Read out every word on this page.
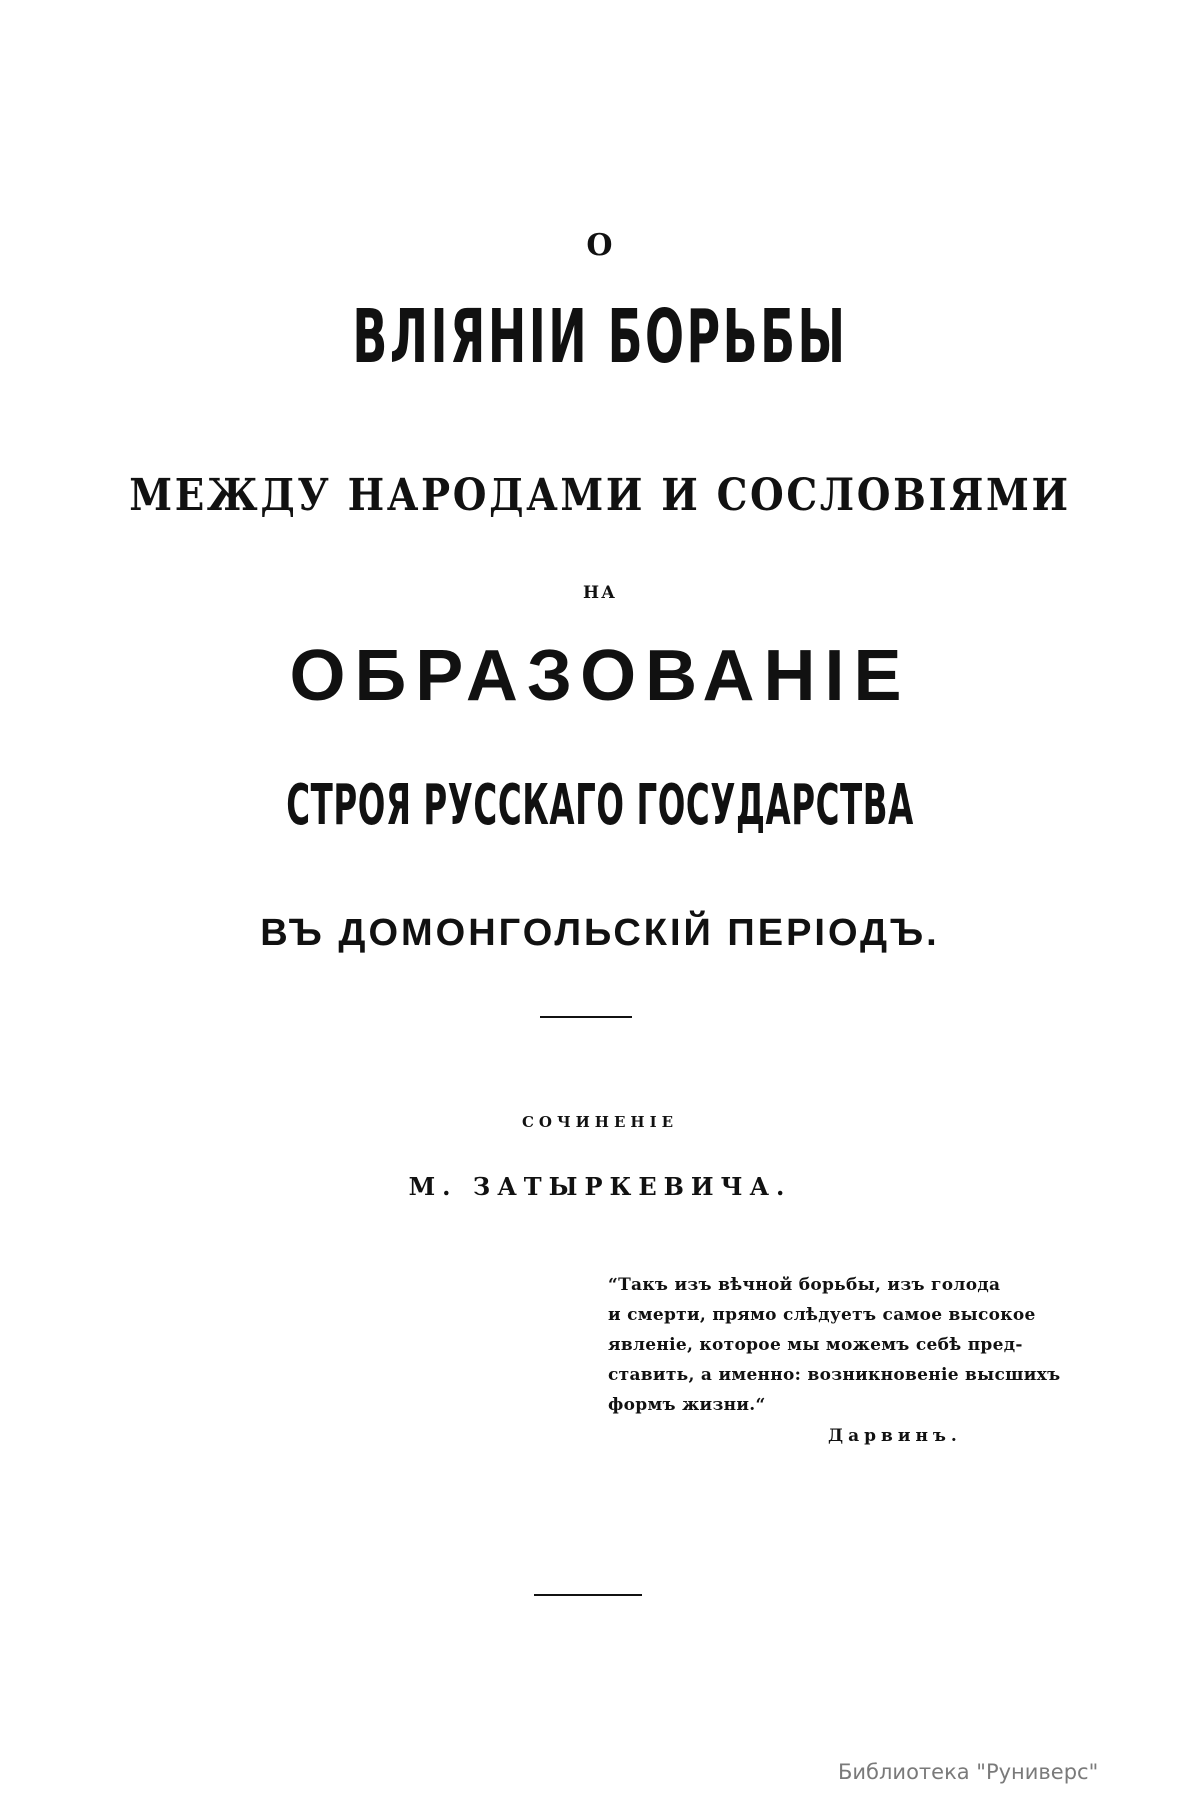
О
ВЛІЯНІИ БОРЬБЫ
МЕЖДУ НАРОДАМИ И СОСЛОВІЯМИ
НА
ОБРАЗОВАНІЕ
СТРОЯ РУССКАГО ГОСУДАРСТВА
ВЪ ДОМОНГОЛЬСКІЙ ПЕРІОДЪ.
СОЧИНЕНІЕ
М. ЗАТЫРКЕВИЧА.
“Такъ изъ вѣчной борьбы, изъ голода
и смерти, прямо слѣдуетъ самое высокое
явленіе, которое мы можемъ себѣ пред-
ставить, а именно: возникновеніе высшихъ
формъ жизни.“
Дарвинъ.
Библиотека "Руниверс"
